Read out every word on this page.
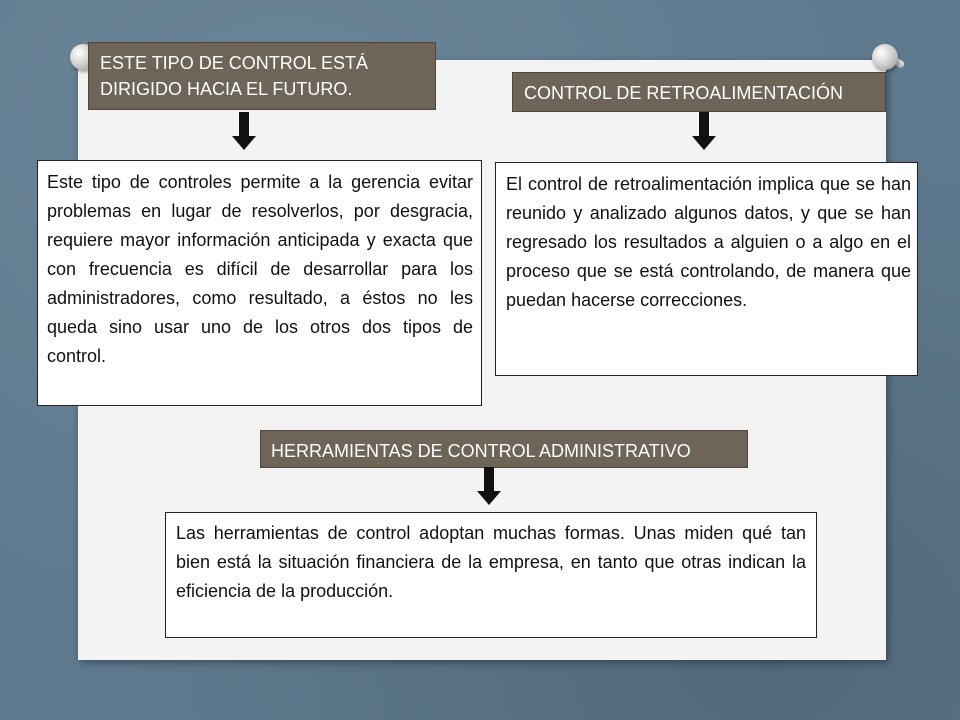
ESTE TIPO DE CONTROL ESTÁ
DIRIGIDO HACIA EL FUTURO.	CONTROL DE RETROALIMENTACIÓN
Este tipo de controles permite a la gerencia evitar problemas en lugar de resolverlos, por desgracia, requiere mayor información anticipada y exacta que con frecuencia es difícil de desarrollar para los administradores, como resultado, a éstos no les queda sino usar uno de los otros dos tipos de control.
El control de retroalimentación implica que se han reunido y analizado algunos datos, y que se han regresado los resultados a alguien o a algo en el proceso que se está controlando, de manera que puedan hacerse correcciones.
HERRAMIENTAS DE CONTROL ADMINISTRATIVO
Las herramientas de control adoptan muchas formas. Unas miden qué tan bien está la situación financiera de la empresa, en tanto que otras indican la eficiencia de la producción.
